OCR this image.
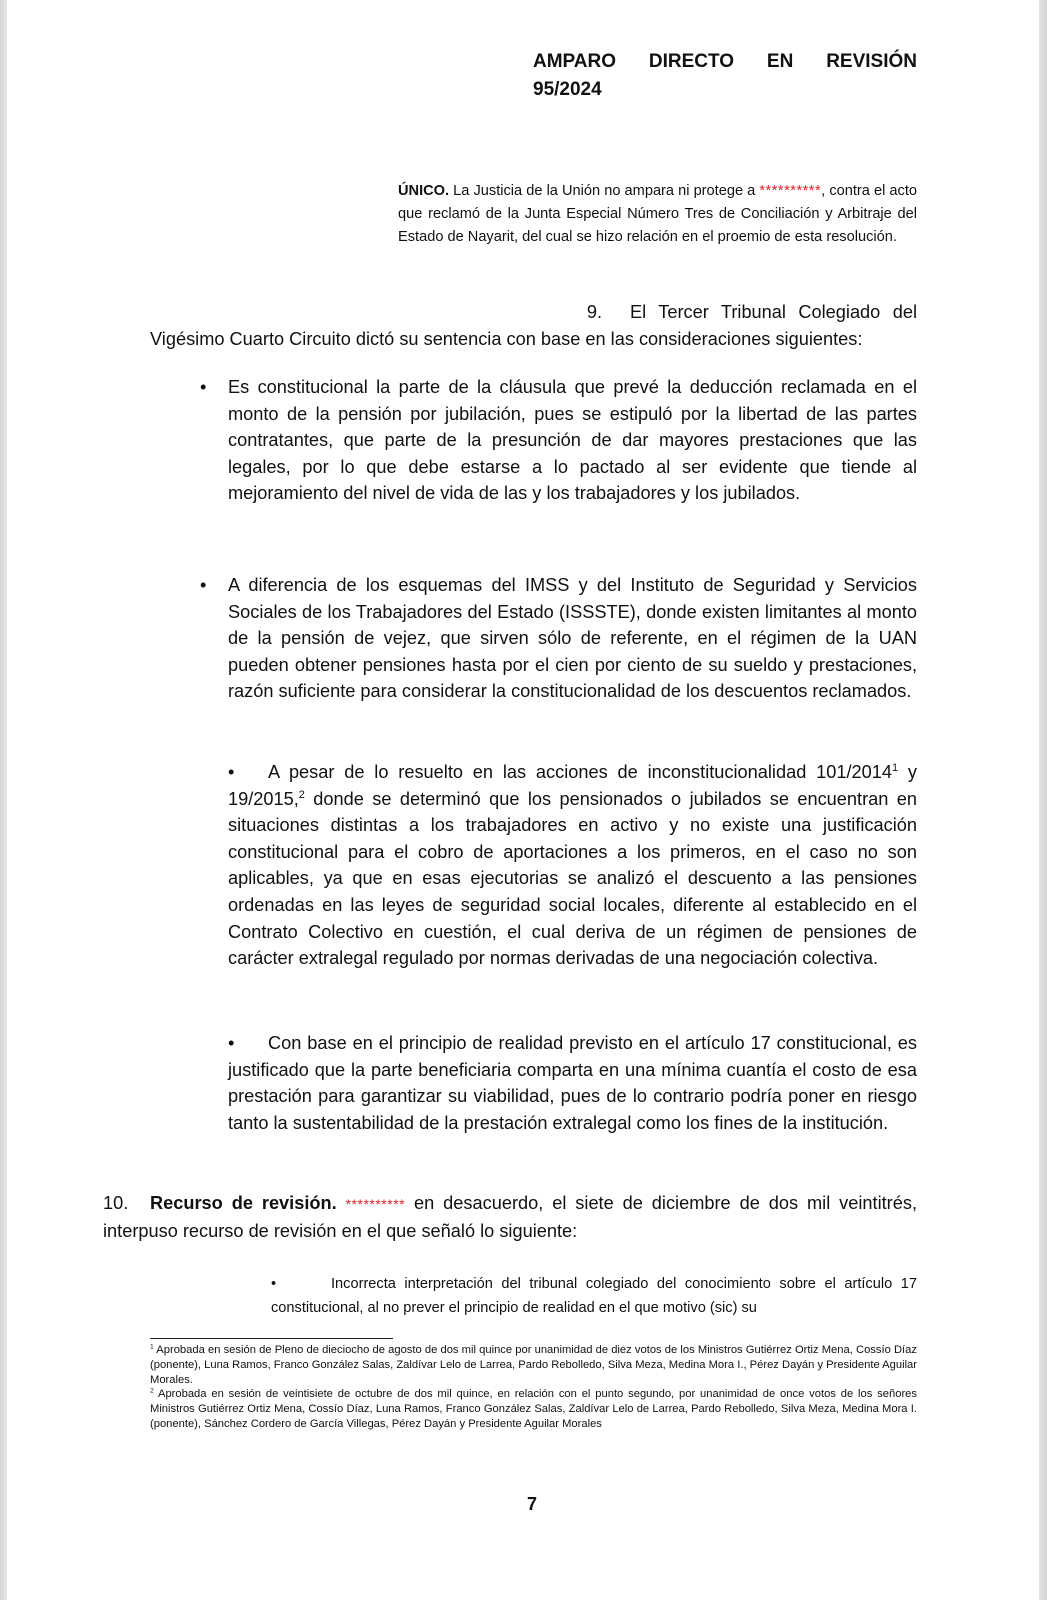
AMPARO DIRECTO EN REVISIÓN
95/2024
ÚNICO. La Justicia de la Unión no ampara ni protege a **********, contra el acto que reclamó de la Junta Especial Número Tres de Conciliación y Arbitraje del Estado de Nayarit, del cual se hizo relación en el proemio de esta resolución.
9. El Tercer Tribunal Colegiado del Vigésimo Cuarto Circuito dictó su sentencia con base en las consideraciones siguientes:
• Es constitucional la parte de la cláusula que prevé la deducción reclamada en el monto de la pensión por jubilación, pues se estipuló por la libertad de las partes contratantes, que parte de la presunción de dar mayores prestaciones que las legales, por lo que debe estarse a lo pactado al ser evidente que tiende al mejoramiento del nivel de vida de las y los trabajadores y los jubilados.
• A diferencia de los esquemas del IMSS y del Instituto de Seguridad y Servicios Sociales de los Trabajadores del Estado (ISSSTE), donde existen limitantes al monto de la pensión de vejez, que sirven sólo de referente, en el régimen de la UAN pueden obtener pensiones hasta por el cien por ciento de su sueldo y prestaciones, razón suficiente para considerar la constitucionalidad de los descuentos reclamados.
• A pesar de lo resuelto en las acciones de inconstitucionalidad 101/2014$^1$ y 19/2015,$^2$ donde se determinó que los pensionados o jubilados se encuentran en situaciones distintas a los trabajadores en activo y no existe una justificación constitucional para el cobro de aportaciones a los primeros, en el caso no son aplicables, ya que en esas ejecutorias se analizó el descuento a las pensiones ordenadas en las leyes de seguridad social locales, diferente al establecido en el Contrato Colectivo en cuestión, el cual deriva de un régimen de pensiones de carácter extralegal regulado por normas derivadas de una negociación colectiva.
• Con base en el principio de realidad previsto en el artículo 17 constitucional, es justificado que la parte beneficiaria comparta en una mínima cuantía el costo de esa prestación para garantizar su viabilidad, pues de lo contrario podría poner en riesgo tanto la sustentabilidad de la prestación extralegal como los fines de la institución.
10. Recurso de revisión. ********** en desacuerdo, el siete de diciembre de dos mil veintitrés, interpuso recurso de revisión en el que señaló lo siguiente:
•	Incorrecta interpretación del tribunal colegiado del conocimiento sobre el artículo 17 constitucional, al no prever el principio de realidad en el que motivo (sic) su

$^1$ Aprobada en sesión de Pleno de dieciocho de agosto de dos mil quince por unanimidad de diez votos de los Ministros Gutiérrez Ortiz Mena, Cossío Díaz (ponente), Luna Ramos, Franco González Salas, Zaldívar Lelo de Larrea, Pardo Rebolledo, Silva Meza, Medina Mora I., Pérez Dayán y Presidente Aguilar Morales.

$^2$ Aprobada en sesión de veintisiete de octubre de dos mil quince, en relación con el punto segundo, por unanimidad de once votos de los señores Ministros Gutiérrez Ortiz Mena, Cossío Díaz, Luna Ramos, Franco González Salas, Zaldívar Lelo de Larrea, Pardo Rebolledo, Silva Meza, Medina Mora I. (ponente), Sánchez Cordero de García Villegas, Pérez Dayán y Presidente Aguilar Morales

7
